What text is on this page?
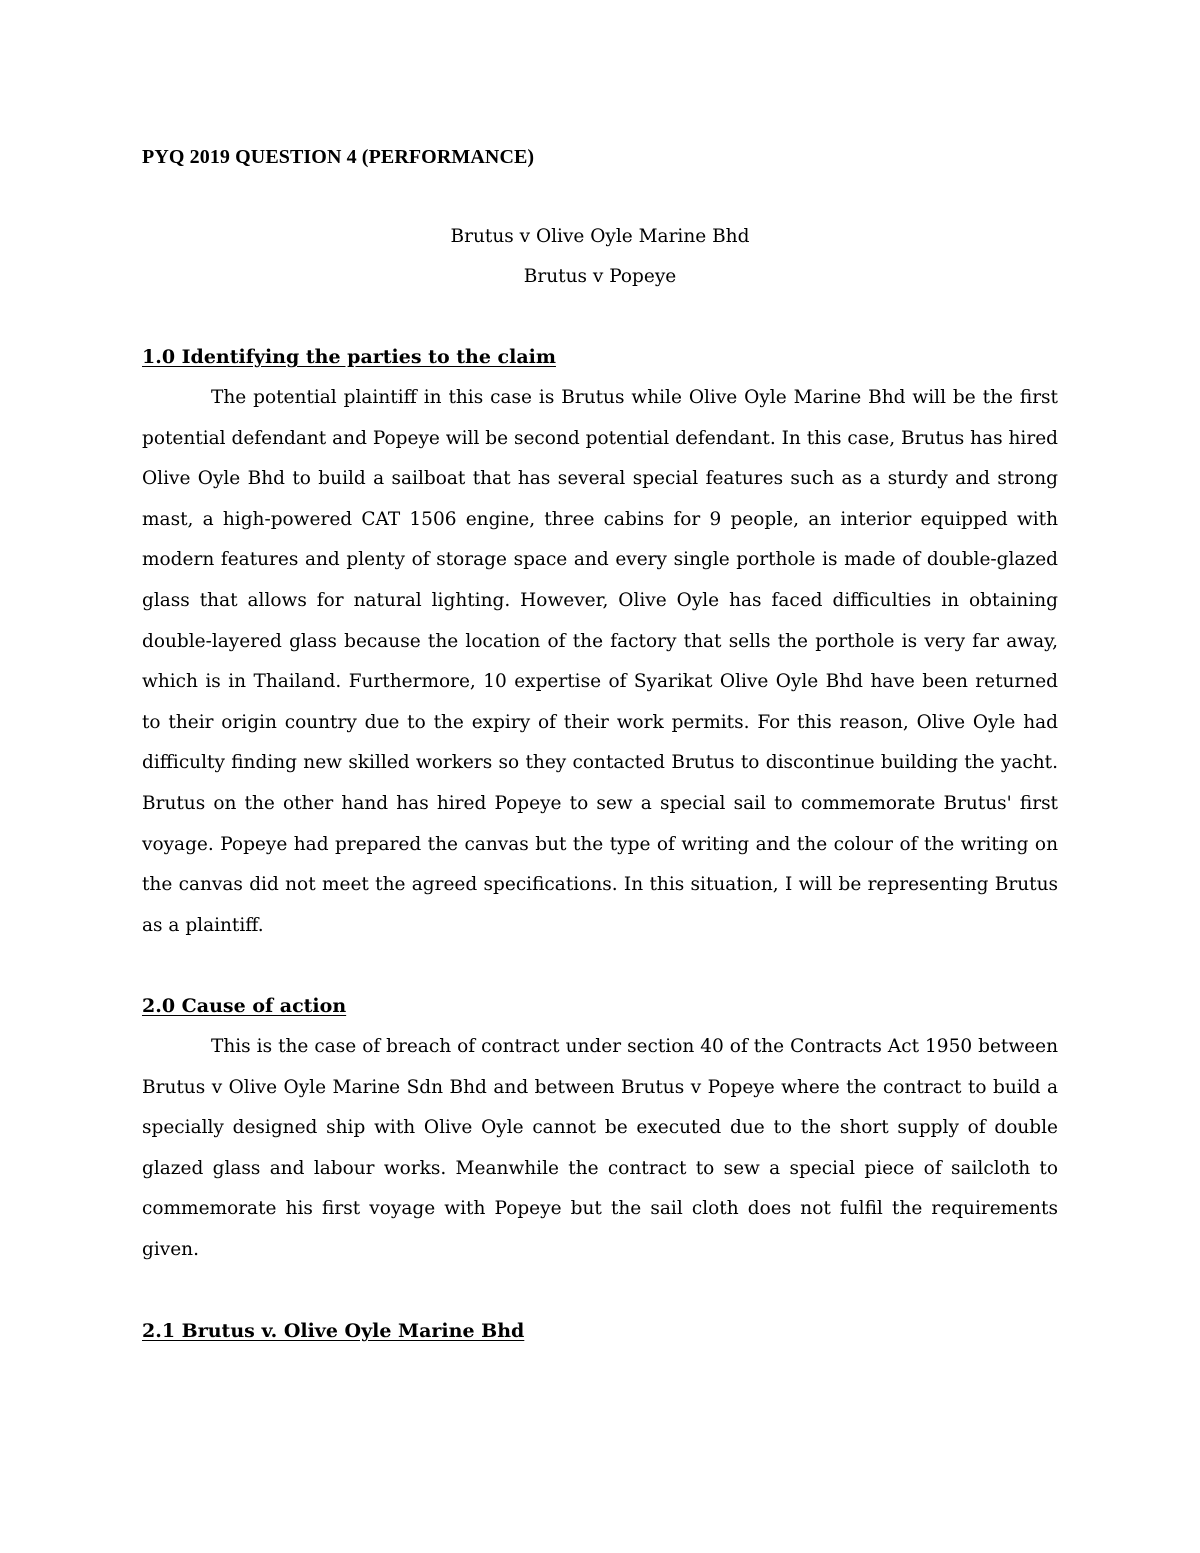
PYQ 2019 QUESTION 4 (PERFORMANCE)

Brutus v Olive Oyle Marine Bhd

Brutus v Popeye

1.0 Identifying the parties to the claim

The potential plaintiff in this case is Brutus while Olive Oyle Marine Bhd will be the first potential defendant and Popeye will be second potential defendant. In this case, Brutus has hired Olive Oyle Bhd to build a sailboat that has several special features such as a sturdy and strong mast, a high-powered CAT 1506 engine, three cabins for 9 people, an interior equipped with modern features and plenty of storage space and every single porthole is made of double-glazed glass that allows for natural lighting. However, Olive Oyle has faced difficulties in obtaining double-layered glass because the location of the factory that sells the porthole is very far away, which is in Thailand. Furthermore, 10 expertise of Syarikat Olive Oyle Bhd have been returned to their origin country due to the expiry of their work permits. For this reason, Olive Oyle had difficulty finding new skilled workers so they contacted Brutus to discontinue building the yacht. Brutus on the other hand has hired Popeye to sew a special sail to commemorate Brutus' first voyage. Popeye had prepared the canvas but the type of writing and the colour of the writing on the canvas did not meet the agreed specifications. In this situation, I will be representing Brutus as a plaintiff.

2.0 Cause of action

This is the case of breach of contract under section 40 of the Contracts Act 1950 between Brutus v Olive Oyle Marine Sdn Bhd and between Brutus v Popeye where the contract to build a specially designed ship with Olive Oyle cannot be executed due to the short supply of double glazed glass and labour works. Meanwhile the contract to sew a special piece of sailcloth to commemorate his first voyage with Popeye but the sail cloth does not fulfil the requirements given.

2.1 Brutus v. Olive Oyle Marine Bhd
